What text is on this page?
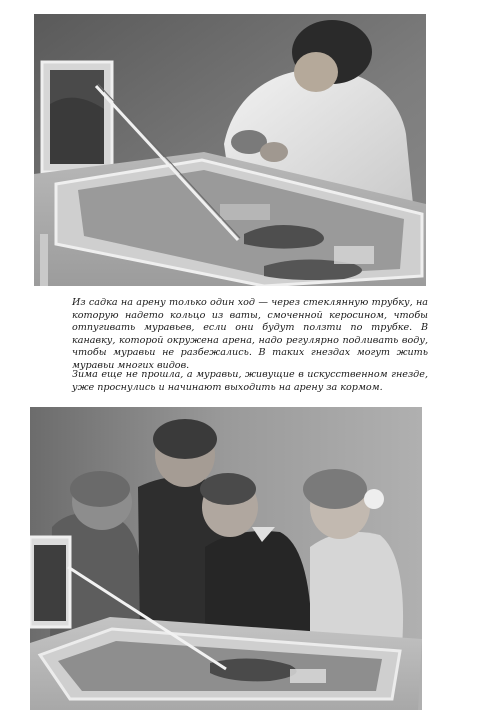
Из садка на арену только один ход — через стеклянную трубку, на которую надето кольцо из ваты, смоченной керосином, чтобы отпугивать муравьев, если они будут ползти по трубке. В канавку, которой окружена арена, надо регулярно подливать воду, чтобы муравьи не разбежались. В таких гнездах могут жить муравьи многих видов.

Зима еще не прошла, а муравьи, живущие в искусственном гнезде, уже проснулись и начинают выходить на арену за кормом.
